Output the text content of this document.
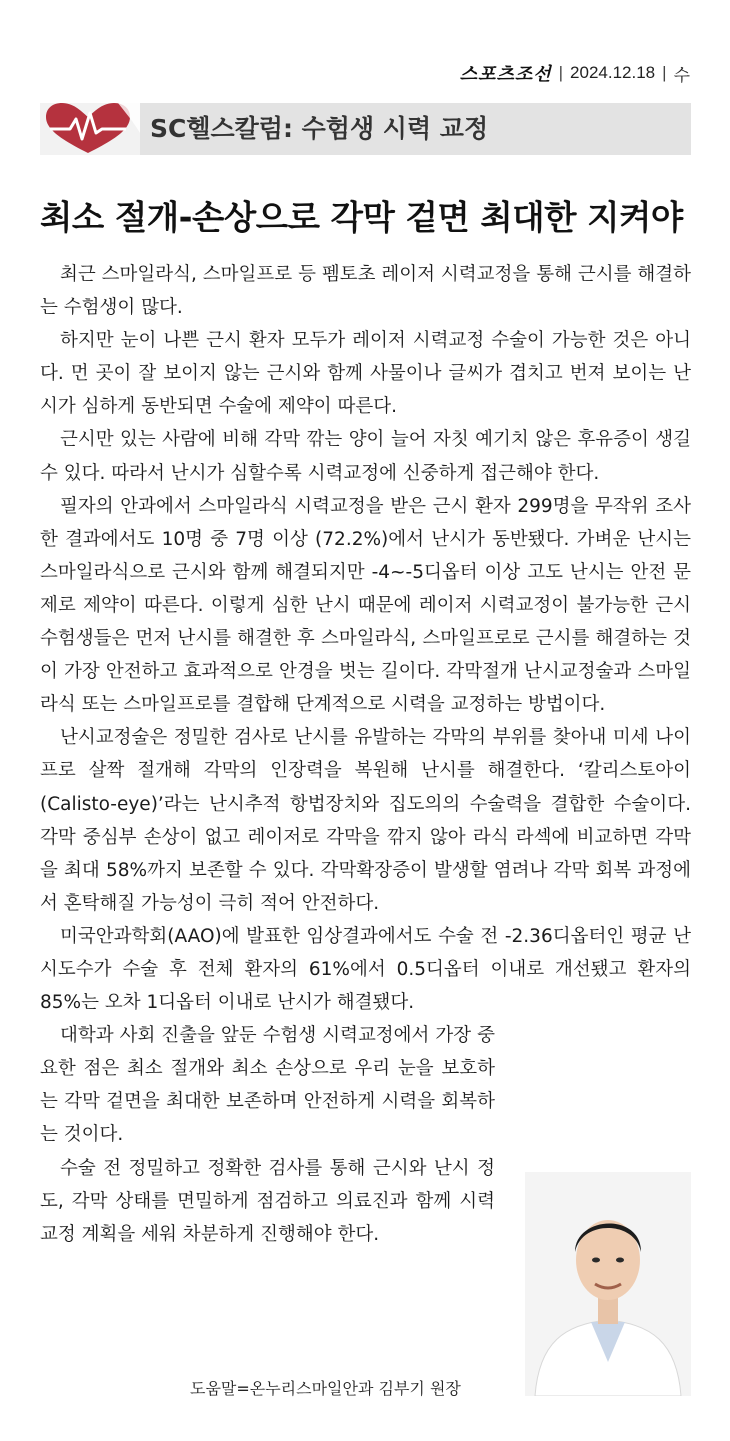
스포츠조선 | 2024.12.18 | 수
SC헬스칼럼: 수험생 시력 교정
최소 절개-손상으로 각막 겉면 최대한 지켜야

최근 스마일라식, 스마일프로 등 펨토초 레이저 시력교정을 통해 근시를 해결하는 수험생이 많다.

하지만 눈이 나쁜 근시 환자 모두가 레이저 시력교정 수술이 가능한 것은 아니다. 먼 곳이 잘 보이지 않는 근시와 함께 사물이나 글씨가 겹치고 번져 보이는 난시가 심하게 동반되면 수술에 제약이 따른다.

근시만 있는 사람에 비해 각막 깎는 양이 늘어 자칫 예기치 않은 후유증이 생길 수 있다. 따라서 난시가 심할수록 시력교정에 신중하게 접근해야 한다.

필자의 안과에서 스마일라식 시력교정을 받은 근시 환자 299명을 무작위 조사한 결과에서도 10명 중 7명 이상 (72.2%)에서 난시가 동반됐다. 가벼운 난시는 스마일라식으로 근시와 함께 해결되지만 -4~-5디옵터 이상 고도 난시는 안전 문제로 제약이 따른다. 이렇게 심한 난시 때문에 레이저 시력교정이 불가능한 근시 수험생들은 먼저 난시를 해결한 후 스마일라식, 스마일프로로 근시를 해결하는 것이 가장 안전하고 효과적으로 안경을 벗는 길이다. 각막절개 난시교정술과 스마일라식 또는 스마일프로를 결합해 단계적으로 시력을 교정하는 방법이다.

난시교정술은 정밀한 검사로 난시를 유발하는 각막의 부위를 찾아내 미세 나이프로 살짝 절개해 각막의 인장력을 복원해 난시를 해결한다. ‘칼리스토아이(Calisto-eye)’라는 난시추적 항법장치와 집도의의 수술력을 결합한 수술이다. 각막 중심부 손상이 없고 레이저로 각막을 깎지 않아 라식 라섹에 비교하면 각막을 최대 58%까지 보존할 수 있다. 각막확장증이 발생할 염려나 각막 회복 과정에서 혼탁해질 가능성이 극히 적어 안전하다.

미국안과학회(AAO)에 발표한 임상결과에서도 수술 전 -2.36디옵터인 평균 난시도수가 수술 후 전체 환자의 61%에서 0.5디옵터 이내로 개선됐고 환자의 85%는 오차 1디옵터 이내로 난시가 해결됐다.

대학과 사회 진출을 앞둔 수험생 시력교정에서 가장 중요한 점은 최소 절개와 최소 손상으로 우리 눈을 보호하는 각막 겉면을 최대한 보존하며 안전하게 시력을 회복하는 것이다.

수술 전 정밀하고 정확한 검사를 통해 근시와 난시 정도, 각막 상태를 면밀하게 점검하고 의료진과 함께 시력교정 계획을 세워 차분하게 진행해야 한다.

도움말=온누리스마일안과 김부기 원장
